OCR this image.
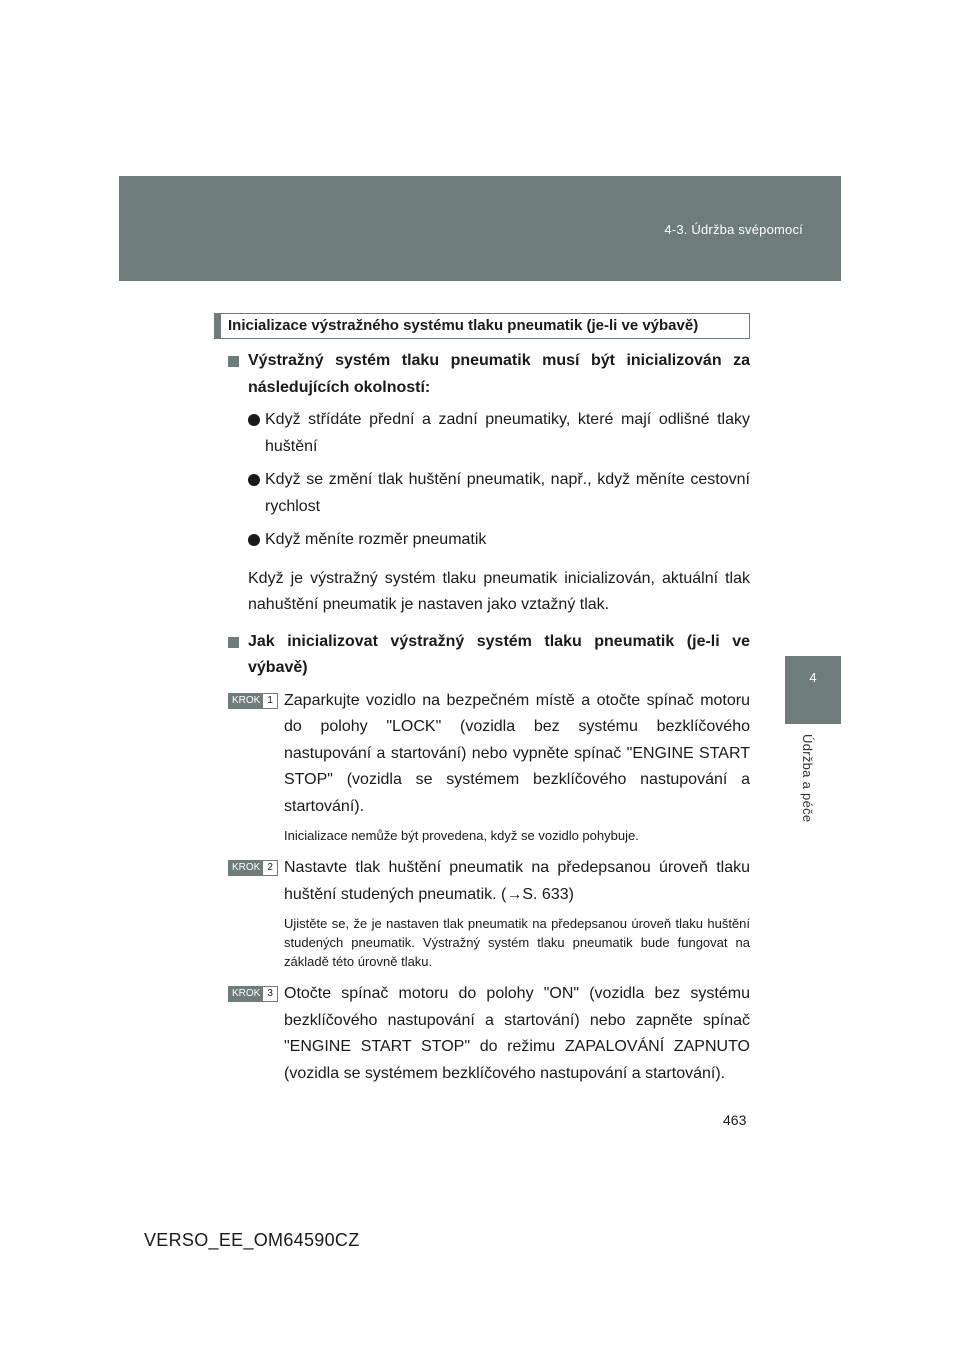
4-3. Údržba svépomocí
4
Údržba a péče
Inicializace výstražného systému tlaku pneumatik (je-li ve výbavě)
Výstražný systém tlaku pneumatik musí být inicializován za následujících okolností:
Když střídáte přední a zadní pneumatiky, které mají odlišné tlaky huštění
Když se změní tlak huštění pneumatik, např., když měníte cestovní rychlost
Když měníte rozměr pneumatik
Když je výstražný systém tlaku pneumatik inicializován, aktuální tlak nahuštění pneumatik je nastaven jako vztažný tlak.
Jak inicializovat výstražný systém tlaku pneumatik (je-li ve výbavě)
KROK 1 Zaparkujte vozidlo na bezpečném místě a otočte spínač motoru do polohy "LOCK" (vozidla bez systému bezklíčového nastupování a startování) nebo vypněte spínač "ENGINE START STOP" (vozidla se systémem bezklíčového nastupování a startování).
Inicializace nemůže být provedena, když se vozidlo pohybuje.
KROK 2 Nastavte tlak huštění pneumatik na předepsanou úroveň tlaku huštění studených pneumatik. (→S. 633)
Ujistěte se, že je nastaven tlak pneumatik na předepsanou úroveň tlaku huštění studených pneumatik. Výstražný systém tlaku pneumatik bude fungovat na základě této úrovně tlaku.
KROK 3 Otočte spínač motoru do polohy "ON" (vozidla bez systému bezklíčového nastupování a startování) nebo zapněte spínač "ENGINE START STOP" do režimu ZAPALOVÁNÍ ZAPNUTO (vozidla se systémem bezklíčového nastupování a startování).
463
VERSO_EE_OM64590CZ
